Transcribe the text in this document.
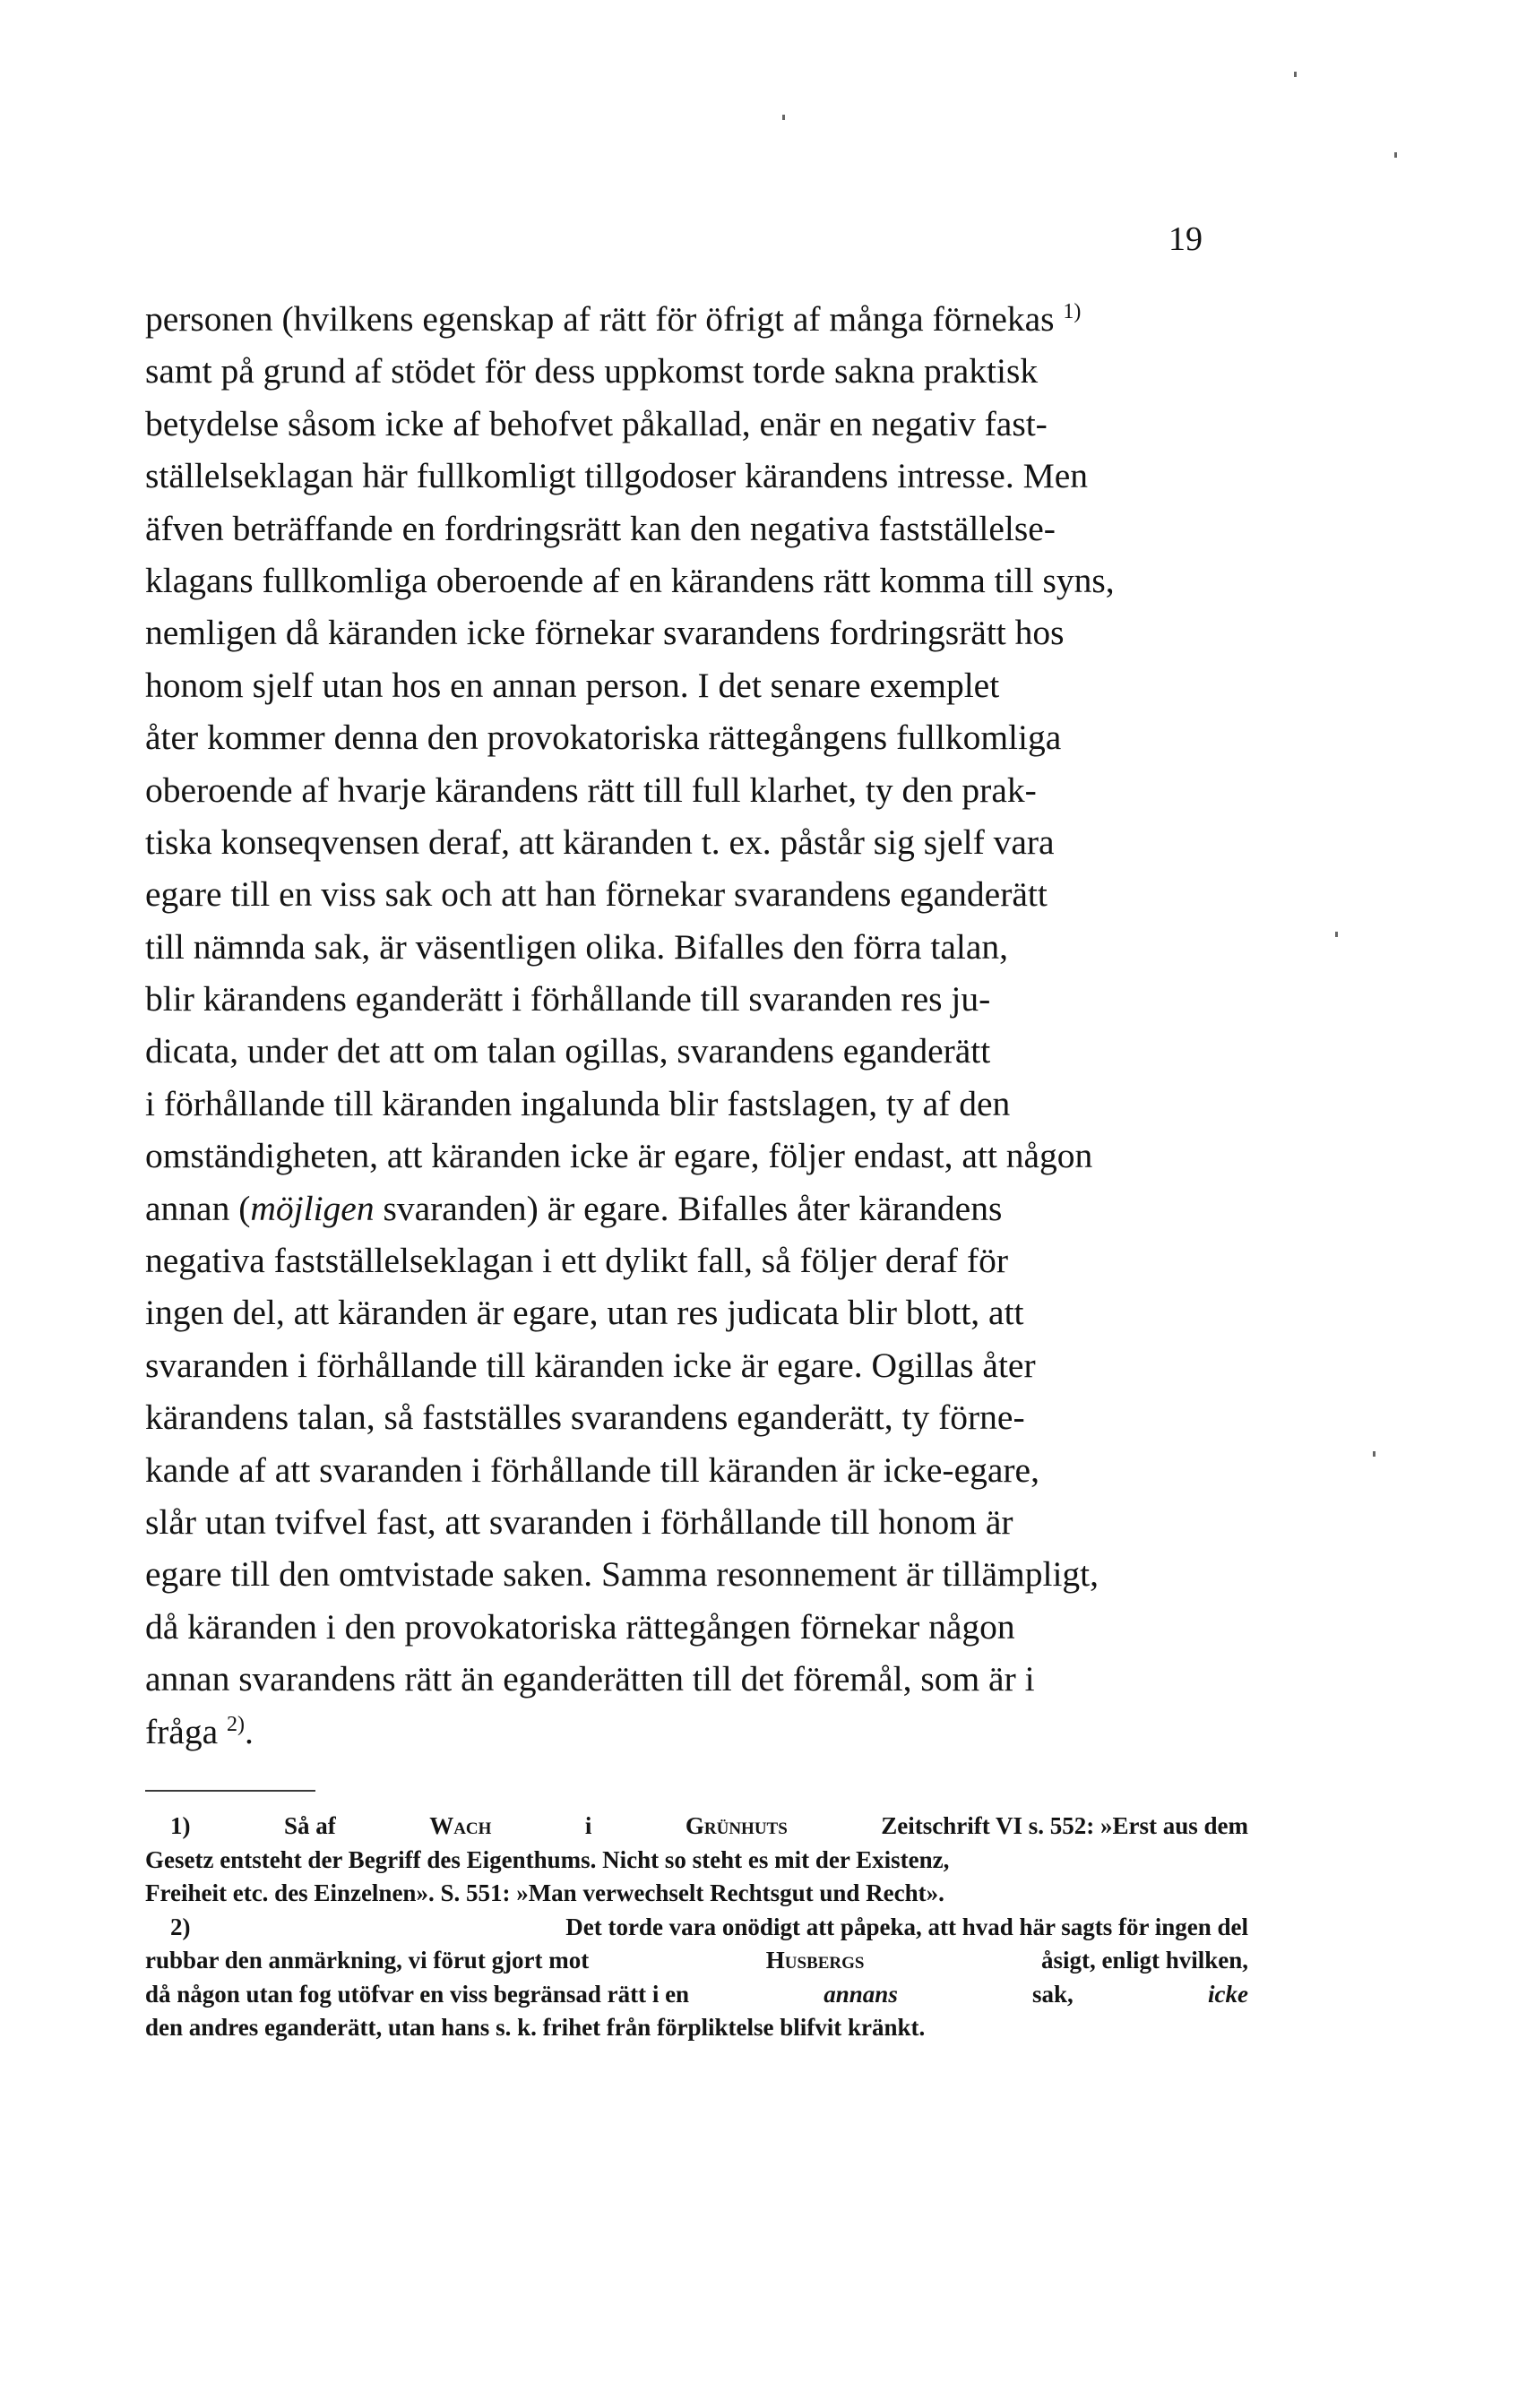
19
personen (hvilkens egenskap af rätt för öfrigt af många förnekas $^{1)}$
samt på grund af stödet för dess uppkomst torde sakna praktisk
betydelse såsom icke af behofvet påkallad, enär en negativ fast-
ställelseklagan här fullkomligt tillgodoser kärandens intresse. Men
äfven beträffande en fordringsrätt kan den negativa fastställelse-
klagans fullkomliga oberoende af en kärandens rätt komma till syns,
nemligen då käranden icke förnekar svarandens fordringsrätt hos
honom sjelf utan hos en annan person. I det senare exemplet
åter kommer denna den provokatoriska rättegångens fullkomliga
oberoende af hvarje kärandens rätt till full klarhet, ty den prak-
tiska konseqvensen deraf, att käranden t. ex. påstår sig sjelf vara
egare till en viss sak och att han förnekar svarandens eganderätt
till nämnda sak, är väsentligen olika. Bifalles den förra talan,
blir kärandens eganderätt i förhållande till svaranden res ju-
dicata, under det att om talan ogillas, svarandens eganderätt
i förhållande till käranden ingalunda blir fastslagen, ty af den
omständigheten, att käranden icke är egare, följer endast, att någon
annan (möjligen svaranden) är egare. Bifalles åter kärandens
negativa fastställelseklagan i ett dylikt fall, så följer deraf för
ingen del, att käranden är egare, utan res judicata blir blott, att
svaranden i förhållande till käranden icke är egare. Ogillas åter
kärandens talan, så fastställes svarandens eganderätt, ty förne-
kande af att svaranden i förhållande till käranden är icke-egare,
slår utan tvifvel fast, att svaranden i förhållande till honom är
egare till den omtvistade saken. Samma resonnement är tillämpligt,
då käranden i den provokatoriska rättegången förnekar någon
annan svarandens rätt än eganderätten till det föremål, som är i
fråga $^{2)}$.
1)	Så af	Wach	i	Grünhuts	Zeitschrift VI s. 552: »Erst aus dem
Gesetz entsteht der Begriff des Eigenthums. Nicht so steht es mit der Existenz,
Freiheit etc. des Einzelnen». S. 551: »Man verwechselt Rechtsgut und Recht».
2)	Det torde vara onödigt att påpeka, att hvad här sagts för ingen del
rubbar den anmärkning, vi förut gjort mot	Husbergs	åsigt, enligt hvilken,
då någon utan fog utöfvar en viss begränsad rätt i en	annans	sak,	icke
den andres eganderätt, utan hans s. k. frihet från förpliktelse blifvit kränkt.
